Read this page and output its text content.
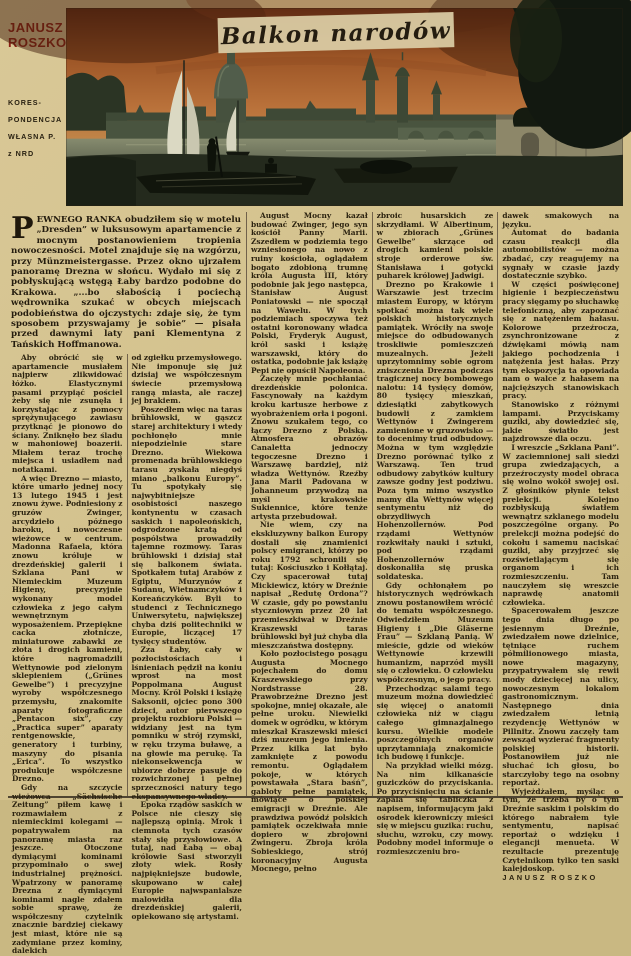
KORES-
PONDENCJA
WŁASNA P.
z NRD
Balkon narodów
PEWNEGO RANKA obudziłem się w motelu „Dresden” w luksusowym apartamencie z mocnym postanowieniem tropienia nowoczesności. Motel znajduje się na wzgórzu, przy Münzmeistergasse. Przez okno ujrzałem panoramę Drezna w słońcu. Wydało mi się z pobłyskującą wstęgą Łaby bardzo podobne do Krakowa. „...bo słabością i pociechą wędrownika szukać w obcych miejscach podobieństwa do ojczystych: zdaje się, że tym sposobem przyswajamy je sobie” — pisała przed dawnymi laty pani Klementyna z Tańskich Hoffmanowa.

Aby obrócić się w apartamencie musiałem najpierw zlikwidować łóżko. Elastycznymi pasami przypiąć pościel żeby się nie zsunęła i korzystając z pomocy sprężynującego zawiasu przytknąć je pionowo do ściany. Zniknęło bez śladu w mahoniowej boazerii. Miałem teraz trochę miejsca i usiadłem nad notatkami.

A więc Drezno — miasto, które umarło jednej nocy 13 lutego 1945 i jest znowu żywe. Podniesiony z gruzów Zwinger, arcydzieło późnego baroku, i nowoczesne wieżowce w centrum. Madonna Rafaela, która znowu króluje w drezdeńskiej galerii i Szklana Pani w Niemieckim Muzeum Higieny, precyzyjnie wykonany model człowieka z jego całym wewnętrznym wyposażeniem. Przepiękne cacka złotnicze, miniaturowe zabawki ze złota i drogich kamieni, które nagromadzili Wettynowie pod zielonym sklepieniem („Grünes Gewelbe”) i precyzyjne wyroby współczesnego przemysłu, znakomite aparaty fotograficzne „Pentacon six”, czy „Practica super” aparaty rentgenowskie, generatory i turbiny, maszyny do pisania „Erica”. To wszystko produkuje współczesne Drezno.

Gdy na szczycie wieżowca „Sächsische Zeitung” piłem kawę i rozmawiałem z niemieckimi kolegami — popatrywałem na panoramę miasta raz jeszcze. Otoczone dymiącymi kominami przypominało o swej industrialnej prężności. Wpatrzony w panoramę Drezna z dymiącymi kominami nagle zdałem sobie sprawę, że współczesny czytelnik znacznie bardziej ciekawy jest miast, które nie są zadymiane przez kominy, dalekich

od zgiełku przemysłowego. Nie imponuje się już dzisiaj we współczesnym świecie przemysłową rangą miasta, ale raczej jej brakiem.

Poszedłem więc na taras brühlowski, w gąszcz starej architektury i wtedy pochłonęło mnie niepodzielnie stare Drezno. Wiekowa promenada brühlowskiego tarasu zyskała niegdyś miano „balkonu Europy”. Tu spotykały się najwybitniejsze osobistości naszego kontynentu w czasach saskich i napoleońskich, odgrodzone kratą od pospólstwa prowadziły tajemne rozmowy. Taras brühlowski i dzisiaj stał się balkonem świata. Spotkałem tutaj Arabów z Egiptu, Murzynów z Sudanu, Wietnamczyków i Koreańczyków. Byli to studenci z Technicznego Uniwersytetu, największej chyba dziś politechniki w Europie, liczącej 17 tysięcy studentów.

Zza Łaby, cały w pozłocistościach i lśnieniach pędził na koniu wprost na most Poppolmana August Mocny. Król Polski i książę Saksonii, ojciec pono 300 dzieci, autor pierwszego projektu rozbioru Polski — widziany jest na tym pomniku w strój rzymski, w ręku trzyma buławę, a na głowie ma perukę. Ta niekonsekwencja w ubiorze dobrze pasuje do rozwichrzonej i pełnej sprzeczności natury tego ekspansywnego władcy.

Epoka rządów saskich w Polsce nie cieszy się najlepszą opinią. Mrok i ciemnota tych czasów stały się przysłowiowe. A tutaj, nad Łabą — obaj królowie Sasi stworzyli złoty wiek. Rosły najpiękniejsze budowle, skupowano w całej Europie najwspanialsze malowidła dla drezdeńskiej galerii, opiekowano się artystami.

August Mocny kazał budować Zwinger, jego syn kościół Panny Marii. Zszedłem w podziemia tego wzniesionego na nowo z ruiny kościoła, oglądałem bogato zdobioną trumnę króla Augusta III, który podobnie jak jego następca, Stanisław August Poniatowski — nie spoczął na Wawelu. W tych podziemiach spoczywa też ostatni koronowany władca Polski, Fryderyk August, król saski i książę warszawski, który do ostatka, podobnie jak książę Pepi nie opuścił Napoleona.

Zaczęły mnie pochłaniać drezdeńskie polonica. Fascynowały na każdym kroku kartusze herbowe z wyobrażeniem orła i pogoni. Znowu szukałem tego, co łączy Drezno z Polską. Atmosfera obrazów Canaletta jednoczy tegoczesne Drezno i Warszawę bardziej, niż władza Wettynów. Rzeźby Jana Marii Padovana w Johanneum przywodzą na myśl krakowskie Sukiennice, które tenże artysta przebudował.

Nie wiem, czy na ekskluzywny balkon Europy dostali się znamienici polscy emigranci, którzy po roku 1792 schronili się tutaj: Kościuszko i Kołłątaj. Czy spacerował tutaj Mickiewicz, który w Dreźnie napisał „Redutę Ordona”? W czasie, gdy po powstaniu styczniowym przez 20 lat przemieszkiwał w Dreźnie Kraszewski taras brühlowski był już chyba dla mieszczaństwa dostępny.

Koło pozłocistego posągu Augusta Mocnego pojechałem do domu Kraszewskiego przy Nordstrasse 28. Prawobrzeżne Drezno jest spokojne, mniej okazałe, ale pełne uroku. Niewielki domek w ogródku, w którym mieszkał Kraszewski mieści dziś muzeum jego imienia. Przez kilka lat było zamknięte z powodu remontu. Oglądałem pokoje, w których powstawała „Stara baśń”, gabloty pełne pamiątek, mówiące o polskiej emigracji w Dreźnie. Ale prawdziwa powódź polskich pamiątek oczekiwała mnie dopiero w zbrojowni Zwingeru. Zbroja króla Sobieskiego, strój koronacyjny Augusta Mocnego, pełno

zbroic husarskich ze skrzydłami. W Albertinum, w zbiorach „Grünes Gewelbe” skrzące od drogich kamieni polskie stroje orderowe św. Stanisława i gotycki puharek królowej Jadwigi.

Drezno po Krakowie i Warszawie jest trzecim miastem Europy, w którym spotkać można tak wiele polskich historycznych pamiątek. Wróciły na swoje miejsce do odbudowanych troskliwie pomieszczeń muzealnych. Jeżeli uprzytomnimy sobie ogrom zniszczenia Drezna podczas tragicznej nocy bombowego nalotu: 14 tysięcy domów, 80 tysięcy mieszkań, dziesiątki zabytkowych budowli z zamkiem Wettynów i Zwingerem zamienione w gruzowisko — to docenimy trud odbudowy. Można w tym względzie Drezno porównać tylko z Warszawą. Ten trud odbudowy zabytków kultury zawsze godny jest podziwu. Poza tym mimo wszystko mamy dla Wettynów więcej sentymentu niż do obrzydliwych Hohenzollernów. Pod rządami Wettynów rozkwitały nauki i sztuki, pod rządami Hohenzollernów doskonaliła się pruska soldateska.

Gdy ochłonąłem po historycznych wędrówkach znowu postanowiłem wrócić do tematu współczesnego. Odwiedziłem Muzeum Higieny i „Die Gläserne Frau” — Szklaną Panią. W mieście, gdzie od wieków Wettynowie krzewili humanizm, naprzód myśli się o człowieku. O człowieku współczesnym, o jego pracy.

Przechodząc salami tego muzeum można dowiedzieć się więcej o anatomii człowieka niż w ciągu całego gimnazjalnego kursu. Wielkie modele poszczególnych organów uprzytamniają znakomicie ich budowę i funkcje.

Na przykład wielki mózg. Na nim kilkanaście guziczków do przyciskania. Po przyciśnięciu na ścianie zapala się tabliczka z napisem, informującym jaki ośrodek kierowniczy mieści się w miejscu guzika: ruchu, słuchu, wzroku, czy mowy. Podobny model informuje o rozmieszczeniu bro-

dawek smakowych na języku.

Automat do badania czasu reakcji dla automobilistów — można zbadać, czy reagujemy na sygnały w czasie jazdy dostatecznie szybko.

W części poświęconej higienie i bezpieczeństwu pracy sięgamy po słuchawkę telefoniczną, aby zapoznać się z natężeniem hałasu. Kolorowe przeźrocza, zsynchronizowane z dźwiękami mówią nam jakiego pochodzenia i natężenia jest hałas. Przy tym ekspozycja ta opowiada nam o walce z hałasem na najcięższych stanowiskach pracy.

Stanowisko z różnymi lampami. Przyciskamy guziki, aby dowiedzieć się, jakie światło jest najzdrowsze dla oczu.

I wreszcie „Szklana Pani”. W zaciemnionej sali siedzi grupa zwiedzających, a przeźroczysty model obraca się wolno wokół swojej osi. Z głośników płynie tekst prelekcji. Kolejno rozbłyskują światłem wewnątrz szklanego modelu poszczególne organy. Po prelekcji można podejść do cokołu i samemu naciskać guziki, aby przyjrzeć się rozświetlającym się organom i ich rozmieszczeniu. Tam nauczyłem się wreszcie naprawdę anatomii człowieka.

Spacerowałem jeszcze tego dnia długo po jesiennym Dreźnie, zwiedzałem nowe dzielnice, tętniące ruchem półmilionowego miasta, nowe magazyny, przypatrywałem się rewii mody dziecięcej na ulicy, nowoczesnym lokalom gastronomicznym. Następnego dnia zwiedzałem letnią rezydencję Wettynów w Pillnitz. Znowu zaczęły tam zewsząd wyzierać fragmenty polskiej historii. Postanowiłem już nie słuchać ich głosu, bo starczyłoby tego na osobny reportaż.

Wyjeżdżałem, myśląc o tym, że trzeba by o tym Dreźnie saskim i polskim do którego nabrałem tyle sentymentu, napisać reportaż o wdzięku i elegancji menueta. W rezultacie prezentuję Czytelnikom tylko ten saski kalejdoskop.

JANUSZ ROSZKO
